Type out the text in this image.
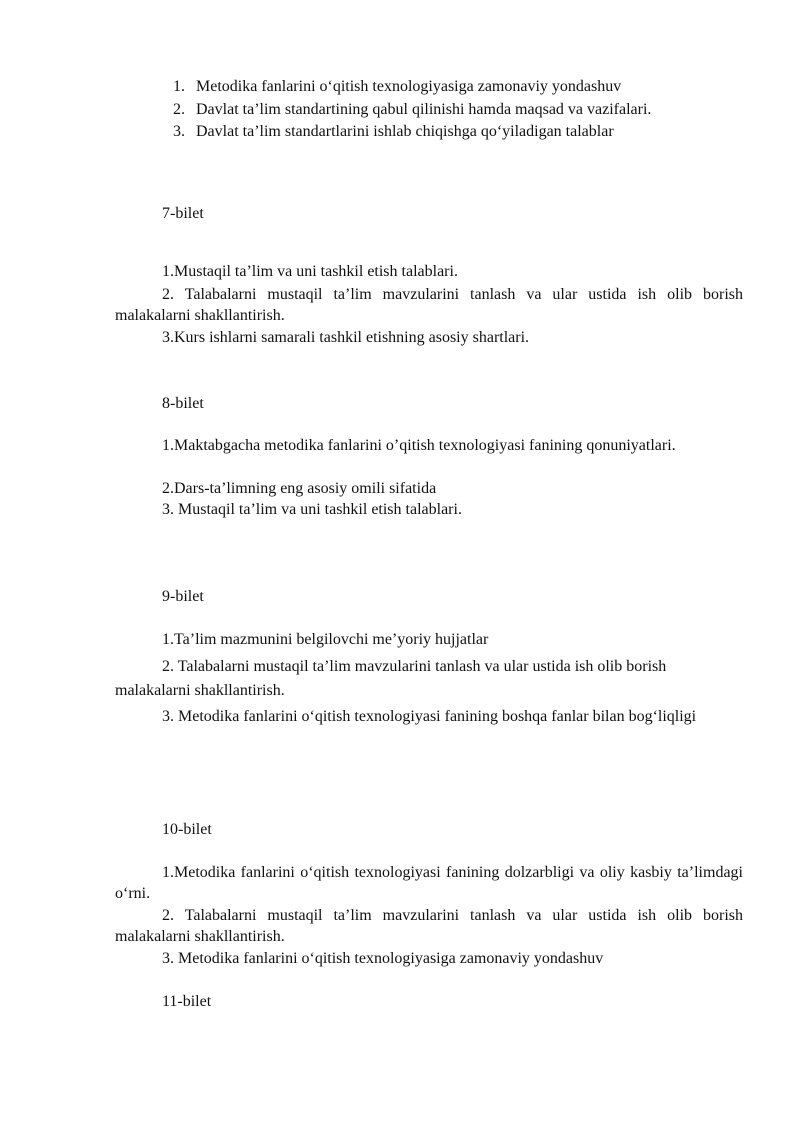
1. Metodika fanlarini o‘qitish texnologiyasiga zamonaviy yondashuv
2. Davlat ta’lim standartining qabul qilinishi hamda maqsad va vazifalari.
3. Davlat ta’lim standartlarini ishlab chiqishga qo‘yiladigan talablar
7-bilet
1.Mustaqil ta’lim va uni tashkil etish talablari.
2. Talabalarni mustaqil ta’lim mavzularini tanlash va ular ustida ish olib borish malakalarni shakllantirish.
3.Kurs ishlarni samarali tashkil etishning asosiy shartlari.
8-bilet
1.Maktabgacha metodika fanlarini o’qitish texnologiyasi fanining qonuniyatlari.
2.Dars-ta’limning eng asosiy omili sifatida
3. Mustaqil ta’lim va uni tashkil etish talablari.
9-bilet
1.Ta’lim mazmunini belgilovchi me’yoriy hujjatlar
2. Talabalarni mustaqil ta’lim mavzularini tanlash va ular ustida ish olib borish malakalarni shakllantirish.
3. Metodika fanlarini o‘qitish texnologiyasi fanining boshqa fanlar bilan bog‘liqligi
10-bilet
1.Metodika fanlarini o‘qitish texnologiyasi fanining dolzarbligi va oliy kasbiy ta’limdagi o‘rni.
2. Talabalarni mustaqil ta’lim mavzularini tanlash va ular ustida ish olib borish malakalarni shakllantirish.
3. Metodika fanlarini o‘qitish texnologiyasiga zamonaviy yondashuv
11-bilet
